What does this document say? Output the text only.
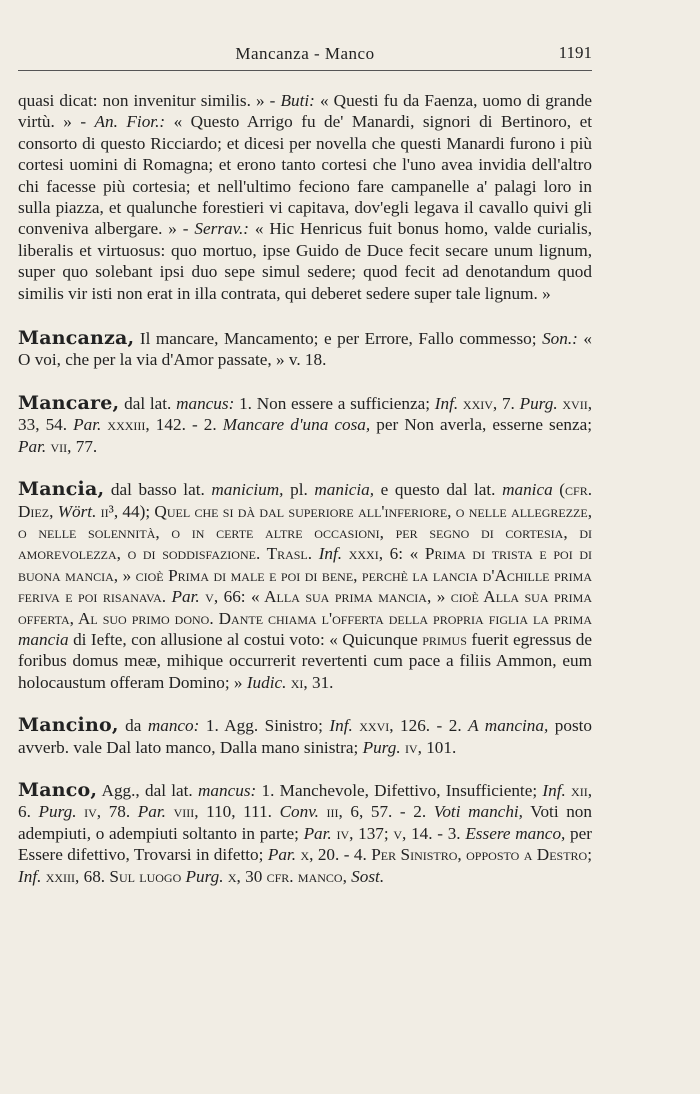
Mancanza - Manco	1191

quasi dicat: non invenitur similis. » - Buti: « Questi fu da Faenza, uomo di grande virtù. » - An. Fior.: « Questo Arrigo fu de' Manardi, signori di Bertinoro, et consorto di questo Ricciardo; et dicesi per novella che questi Manardi furono i più cortesi uomini di Romagna; et erono tanto cortesi che l'uno avea invidia dell'altro chi facesse più cortesia; et nell'ultimo feciono fare campanelle a' palagi loro in sulla piazza, et qualunche forestieri vi capitava, dov'egli legava il cavallo quivi gli conveniva albergare. » - Serrav.: « Hic Henricus fuit bonus homo, valde curialis, liberalis et virtuosus: quo mortuo, ipse Guido de Duce fecit secare unum lignum, super quo solebant ipsi duo sepe simul sedere; quod fecit ad denotandum quod similis vir isti non erat in illa contrata, qui deberet sedere super tale lignum. »

Mancanza, Il mancare, Mancamento; e per Errore, Fallo commesso; Son.: « O voi, che per la via d'Amor passate, » v. 18.

Mancare, dal lat. mancus: 1. Non essere a sufficienza; Inf. xxiv, 7. Purg. xvii, 33, 54. Par. xxxiii, 142. - 2. Mancare d'una cosa, per Non averla, esserne senza; Par. vii, 77.

Mancia, dal basso lat. manicium, pl. manicia, e questo dal lat. manica (cfr. Diez, Wört. ii³, 44); Quel che si dà dal superiore all'inferiore, o nelle allegrezze, o nelle solennità, o in certe altre occasioni, per segno di cortesia, di amorevolezza, o di soddisfazione. Trasl. Inf. xxxi, 6: « Prima di trista e poi di buona mancia, » cioè Prima di male e poi di bene, perchè la lancia d'Achille prima feriva e poi risanava. Par. v, 66: « Alla sua prima mancia, » cioè Alla sua prima offerta, Al suo primo dono. Dante chiama l'offerta della propria figlia la prima mancia di Iefte, con allusione al costui voto: « Quicunque primus fuerit egressus de foribus domus meæ, mihique occurrerit revertenti cum pace a filiis Ammon, eum holocaustum offeram Domino; » Iudic. xi, 31.

Mancino, da manco: 1. Agg. Sinistro; Inf. xxvi, 126. - 2. A mancina, posto avverb. vale Dal lato manco, Dalla mano sinistra; Purg. iv, 101.

Manco, Agg., dal lat. mancus: 1. Manchevole, Difettivo, Insufficiente; Inf. xii, 6. Purg. iv, 78. Par. viii, 110, 111. Conv. iii, 6, 57. - 2. Voti manchi, Voti non adempiuti, o adempiuti soltanto in parte; Par. iv, 137; v, 14. - 3. Essere manco, per Essere difettivo, Trovarsi in difetto; Par. x, 20. - 4. Per Sinistro, opposto a Destro; Inf. xxiii, 68. Sul luogo Purg. x, 30 cfr. manco, Sost.
